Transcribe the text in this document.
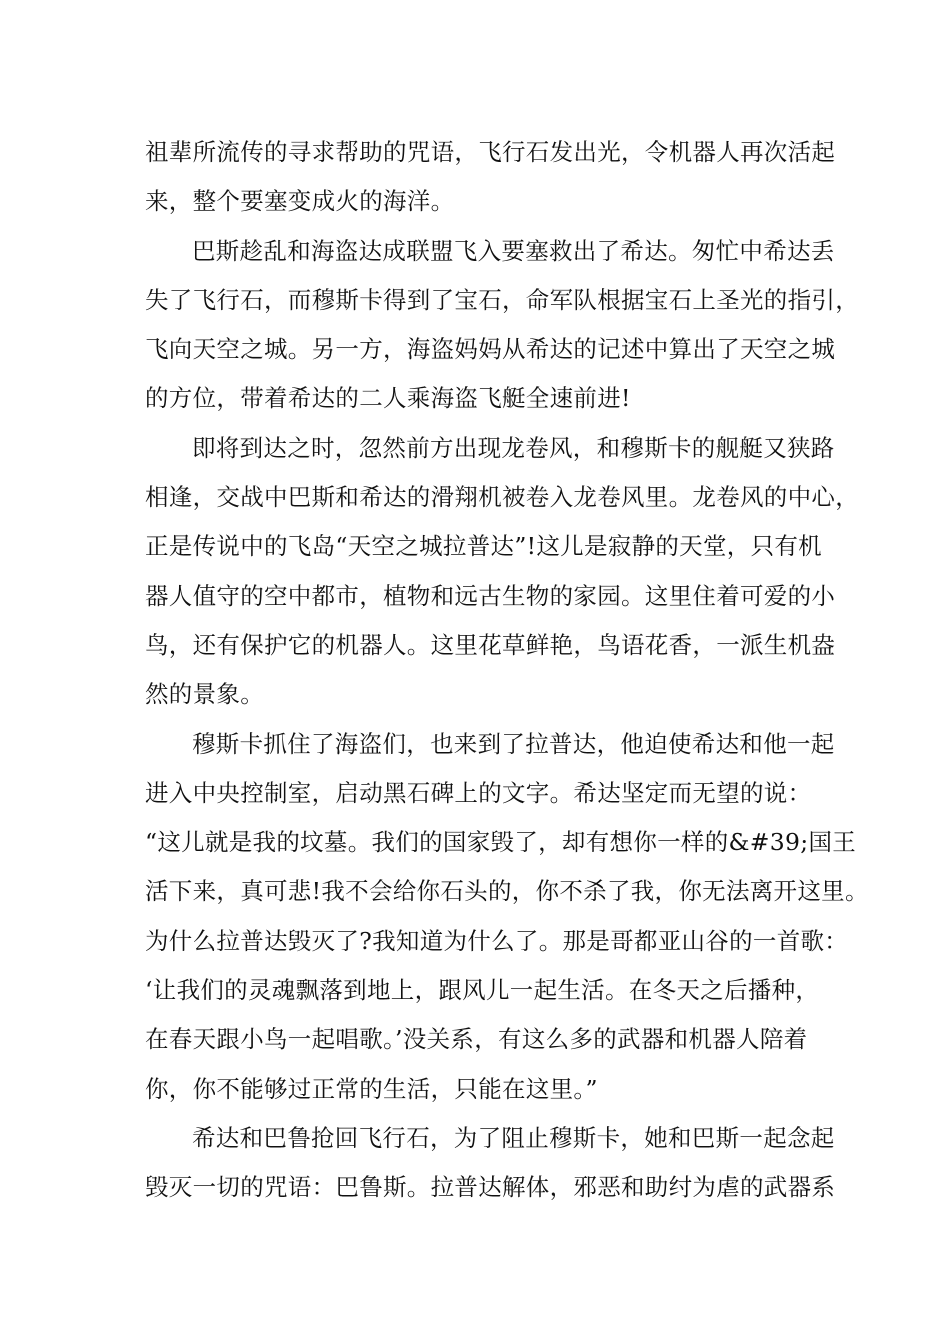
祖辈所流传的寻求帮助的咒语，飞行石发出光，令机器人再次活起
来，整个要塞变成火的海洋。
巴斯趁乱和海盗达成联盟飞入要塞救出了希达。匆忙中希达丢
失了飞行石，而穆斯卡得到了宝石，命军队根据宝石上圣光的指引，
飞向天空之城。另一方，海盗妈妈从希达的记述中算出了天空之城
的方位，带着希达的二人乘海盗飞艇全速前进!
即将到达之时，忽然前方出现龙卷风，和穆斯卡的舰艇又狭路
相逢，交战中巴斯和希达的滑翔机被卷入龙卷风里。龙卷风的中心，
正是传说中的飞岛“天空之城拉普达”!这儿是寂静的天堂，只有机
器人值守的空中都市，植物和远古生物的家园。这里住着可爱的小
鸟，还有保护它的机器人。这里花草鲜艳，鸟语花香，一派生机盎
然的景象。
穆斯卡抓住了海盗们，也来到了拉普达，他迫使希达和他一起
进入中央控制室，启动黑石碑上的文字。希达坚定而无望的说：
“这儿就是我的坟墓。我们的国家毁了，却有想你一样的&#39;国王
活下来，真可悲!我不会给你石头的，你不杀了我，你无法离开这里。
为什么拉普达毁灭了?我知道为什么了。那是哥都亚山谷的一首歌：
‘让我们的灵魂飘落到地上，跟风儿一起生活。在冬天之后播种，
在春天跟小鸟一起唱歌。’没关系，有这么多的武器和机器人陪着
你，你不能够过正常的生活，只能在这里。”
希达和巴鲁抢回飞行石，为了阻止穆斯卡，她和巴斯一起念起
毁灭一切的咒语：巴鲁斯。拉普达解体，邪恶和助纣为虐的武器系
